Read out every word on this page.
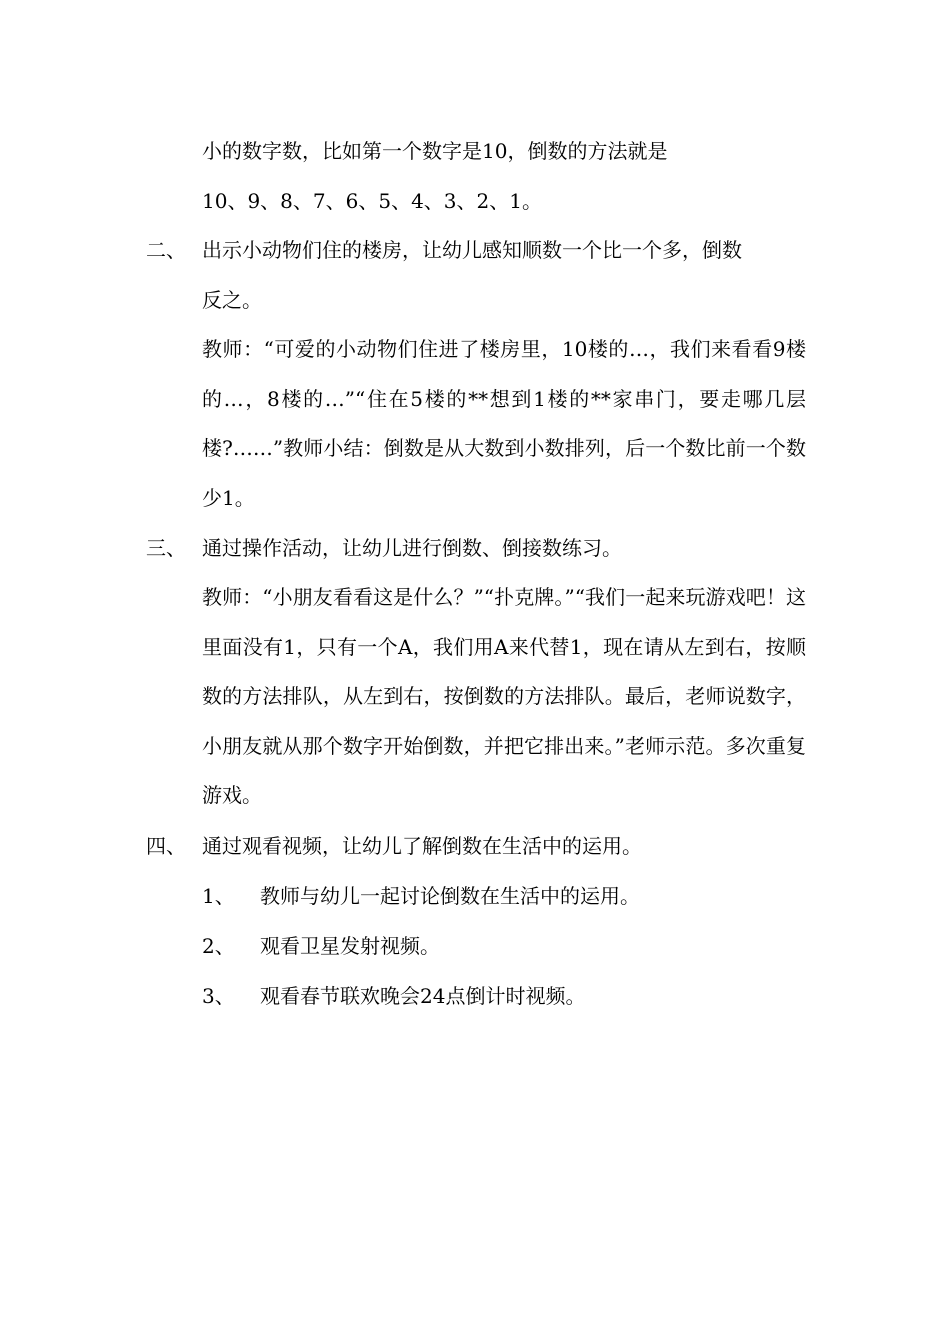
小的数字数，比如第一个数字是10，倒数的方法就是
10、9、8、7、6、5、4、3、2、1。
二、 出示小动物们住的楼房，让幼儿感知顺数一个比一个多，倒数
反之。
教师：“可爱的小动物们住进了楼房里，10楼的…，我们来看看9楼的…，8楼的…”“住在5楼的**想到1楼的**家串门，要走哪几层楼?……”教师小结：倒数是从大数到小数排列，后一个数比前一个数少1。
三、 通过操作活动，让幼儿进行倒数、倒接数练习。
教师：“小朋友看看这是什么？”“扑克牌。”“我们一起来玩游戏吧！这里面没有1，只有一个A，我们用A来代替1，现在请从左到右，按顺数的方法排队，从左到右，按倒数的方法排队。最后，老师说数字，小朋友就从那个数字开始倒数，并把它排出来。”老师示范。多次重复游戏。
四、 通过观看视频，让幼儿了解倒数在生活中的运用。
1、 教师与幼儿一起讨论倒数在生活中的运用。
2、 观看卫星发射视频。
3、 观看春节联欢晚会24点倒计时视频。
